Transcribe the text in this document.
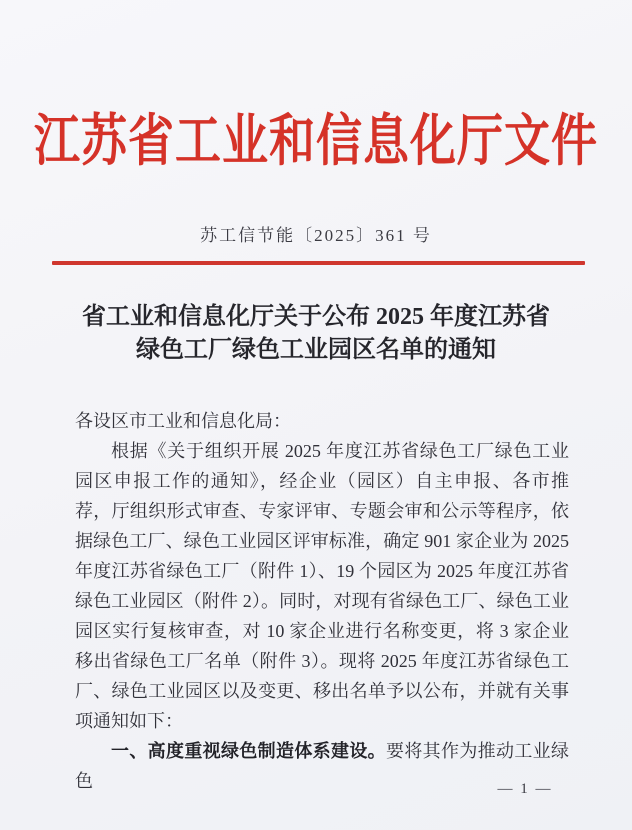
江苏省工业和信息化厅文件
苏工信节能〔2025〕361 号
省工业和信息化厅关于公布 2025 年度江苏省
绿色工厂绿色工业园区名单的通知

各设区市工业和信息化局：

根据《关于组织开展 2025 年度江苏省绿色工厂绿色工业园区申报工作的通知》，经企业（园区）自主申报、各市推荐，厅组织形式审查、专家评审、专题会审和公示等程序，依据绿色工厂、绿色工业园区评审标准，确定 901 家企业为 2025 年度江苏省绿色工厂（附件 1）、19 个园区为 2025 年度江苏省绿色工业园区（附件 2）。同时，对现有省绿色工厂、绿色工业园区实行复核审查，对 10 家企业进行名称变更，将 3 家企业移出省绿色工厂名单（附件 3）。现将 2025 年度江苏省绿色工厂、绿色工业园区以及变更、移出名单予以公布，并就有关事项通知如下：

一、高度重视绿色制造体系建设。要将其作为推动工业绿色	— 1 —
